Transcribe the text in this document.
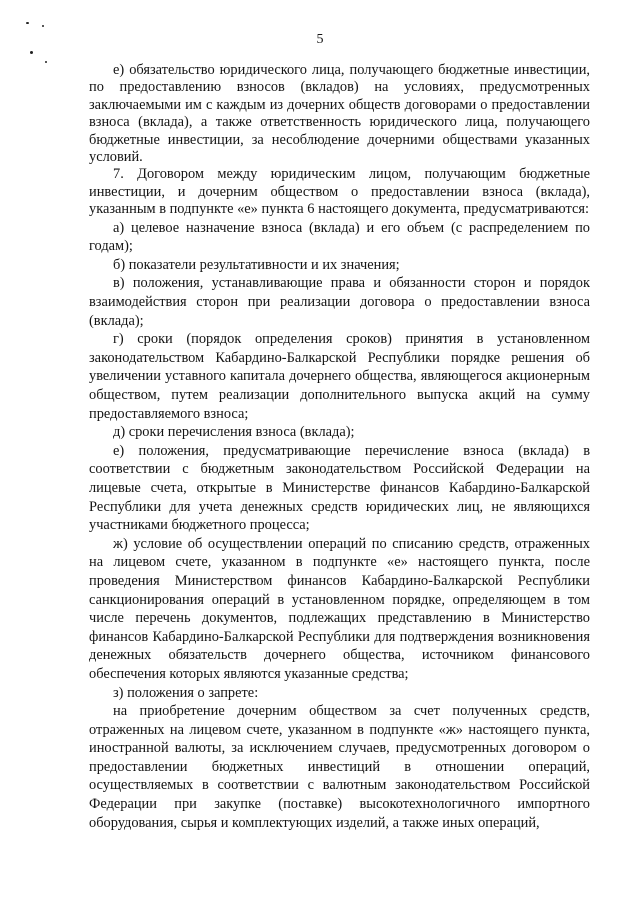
5

е) обязательство юридического лица, получающего бюджетные инвестиции, по предоставлению взносов (вкладов) на условиях, предусмотренных заключаемыми им с каждым из дочерних обществ договорами о предоставлении взноса (вклада), а также ответственность юридического лица, получающего бюджетные инвестиции, за несоблюдение дочерними обществами указанных условий.

7. Договором между юридическим лицом, получающим бюджетные инвестиции, и дочерним обществом о предоставлении взноса (вклада), указанным в подпункте «е» пункта 6 настоящего документа, предусматриваются:

а) целевое назначение взноса (вклада) и его объем (с распределением по годам);

б) показатели результативности и их значения;

в) положения, устанавливающие права и обязанности сторон и порядок взаимодействия сторон при реализации договора о предоставлении взноса (вклада);

г) сроки (порядок определения сроков) принятия в установленном законодательством Кабардино-Балкарской Республики порядке решения об увеличении уставного капитала дочернего общества, являющегося акционерным обществом, путем реализации дополнительного выпуска акций на сумму предоставляемого взноса;

д) сроки перечисления взноса (вклада);

е) положения, предусматривающие перечисление взноса (вклада) в соответствии с бюджетным законодательством Российской Федерации на лицевые счета, открытые в Министерстве финансов Кабардино-Балкарской Республики для учета денежных средств юридических лиц, не являющихся участниками бюджетного процесса;

ж) условие об осуществлении операций по списанию средств, отраженных на лицевом счете, указанном в подпункте «е» настоящего пункта, после проведения Министерством финансов Кабардино-Балкарской Республики санкционирования операций в установленном порядке, определяющем в том числе перечень документов, подлежащих представлению в Министерство финансов Кабардино-Балкарской Республики для подтверждения возникновения денежных обязательств дочернего общества, источником финансового обеспечения которых являются указанные средства;

з) положения о запрете:

на приобретение дочерним обществом за счет полученных средств, отраженных на лицевом счете, указанном в подпункте «ж» настоящего пункта, иностранной валюты, за исключением случаев, предусмотренных договором о предоставлении бюджетных инвестиций в отношении операций, осуществляемых в соответствии с валютным законодательством Российской Федерации при закупке (поставке) высокотехнологичного импортного оборудования, сырья и комплектующих изделий, а также иных операций,
